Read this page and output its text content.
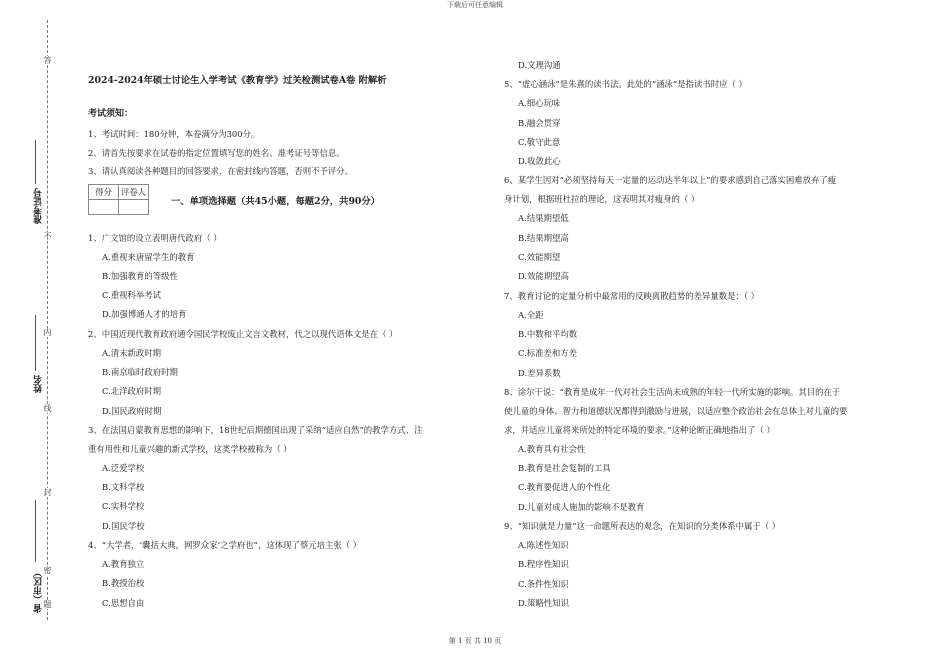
下载后可任意编辑
答
题
不
内
线
封
密
准考证号
姓名
省（市区）
2024-2024年硕士讨论生入学考试《教育学》过关检测试卷A卷 附解析
考试须知：
1、考试时间：180分钟，本卷满分为300分。
2、请首先按要求在试卷的指定位置填写您的姓名、准考证号等信息。
3、请认真阅读各种题目的回答要求，在密封线内答题，否则不予评分。
得分	评卷人

一、单项选择题（共45小题，每题2分，共90分）
1、广文馆的设立表明唐代政府（ ）
A.重视来唐留学生的教育
B.加强教育的等级性
C.重视科举考试
D.加强博通人才的培育
2、中国近现代教育政府通令国民学校废止文言文教材，代之以现代语体文是在（ ）
A.清末新政时期
B.南京临时政府时期
C.北洋政府时期
D.国民政府时期
3、在法国启蒙教育思想的影响下，18世纪后期德国出现了采纳“适应自然”的教学方式、注
重有用性和儿童兴趣的新式学校，这类学校被称为（ ）
A.泛爱学校
B.文科学校
C.实科学校
D.国民学校
4、“大学者，‘囊括大典，网罗众家’之学府也”，这体现了蔡元培主张（ ）
A.教育独立
B.教授治校
C.思想自由
D.文理沟通
5、“虚心涵泳”是朱熹的读书法。此处的“涵泳”是指读书时应（ ）
A.细心玩味
B.融会贯穿
C.敬守此意
D.收敛此心
6、某学生因对“必须坚持每天一定量的运动达半年以上”的要求感到自己落实困难放弃了瘦
身计划，根据班杜拉的理论，这表明其对瘦身的（ ）
A.结果期望低
B.结果期望高
C.效能期望
D.效能期望高
7、教育讨论的定量分析中最常用的反映离散趋势的差异量数是：（ ）
A.全距
B.中数和平均数
C.标准差和方差
D.差异系数
8、涂尔干说：“教育是成年一代对社会生活尚未成熟的年轻一代所实施的影响。其目的在于
使儿童的身体、智力和道德状况都得到激励与进展，以适应整个政治社会在总体上对儿童的要
求，并适应儿童将来所处的特定环境的要求。”这种论断正确地指出了（ ）
A.教育具有社会性
B.教育是社会复制的工具
C.教育要促进人的个性化
D.儿童对成人施加的影响不是教育
9、“知识就是力量”这一命题所表达的观念，在知识的分类体系中属于（ ）
A.陈述性知识
B.程序性知识
C.条件性知识
D.策略性知识
第 1 页 共 10 页
